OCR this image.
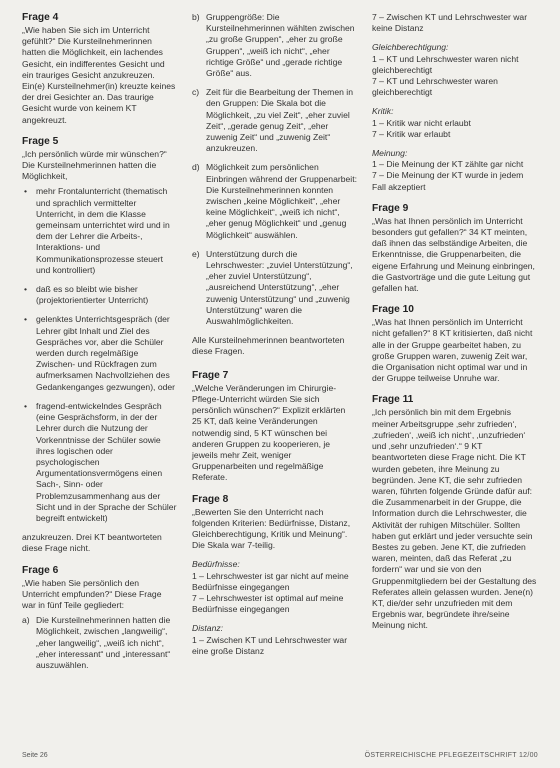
Frage 4

„Wie haben Sie sich im Unterricht gefühlt?“ Die Kursteilnehmerinnen hatten die Möglichkeit, ein lachendes Gesicht, ein indifferentes Gesicht und ein trauriges Gesicht anzukreuzen. Ein(e) Kursteilnehmer(in) kreuzte keines der drei Gesichter an. Das traurige Gesicht wurde von keinem KT angekreuzt.

Frage 5

„Ich persönlich würde mir wünschen?“ Die Kursteilnehmerinnen hatten die Möglichkeit,

• mehr Frontalunterricht (thematisch und sprachlich vermittelter Unterricht, in dem die Klasse gemeinsam unterrichtet wird und in dem der Lehrer die Arbeits-, Interaktions- und Kommunikationsprozesse steuert und kontrolliert)
• daß es so bleibt wie bisher (projektorientierter Unterricht)
• gelenktes Unterrichtsgespräch (der Lehrer gibt Inhalt und Ziel des Gespräches vor, aber die Schüler werden durch regelmäßige Zwischen- und Rückfragen zum aufmerksamen Nachvollziehen des Gedankenganges gezwungen), oder
• fragend-entwickelndes Gespräch (eine Gesprächsform, in der der Lehrer durch die Nutzung der Vorkenntnisse der Schüler sowie ihres logischen oder psychologischen Argumentationsvermögens einen Sach-, Sinn- oder Problemzusammenhang aus der Sicht und in der Sprache der Schüler begreift entwickelt)

anzukreuzen. Drei KT beantworteten diese Frage nicht.

Frage 6

„Wie haben Sie persönlich den Unterricht empfunden?“ Diese Frage war in fünf Teile gegliedert:

a) Die Kursteilnehmerinnen hatten die Möglichkeit, zwischen „langweilig“, „eher langweilig“, „weiß ich nicht“, „eher interessant“ und „interessant“ auszuwählen.
b) Gruppengröße: Die Kursteilnehmerinnen wählten zwischen „zu große Gruppen“, „eher zu große Gruppen“, „weiß ich nicht“, „eher richtige Größe“ und „gerade richtige Größe“ aus.
c) Zeit für die Bearbeitung der Themen in den Gruppen: Die Skala bot die Möglichkeit, „zu viel Zeit“, „eher zuviel Zeit“, „gerade genug Zeit“, „eher zuwenig Zeit“ und „zuwenig Zeit“ anzukreuzen.
d) Möglichkeit zum persönlichen Einbringen während der Gruppenarbeit: Die Kursteilnehmerinnen konnten zwischen „keine Möglichkeit“, „eher keine Möglichkeit“, „weiß ich nicht“, „eher genug Möglichkeit“ und „genug Möglichkeit“ auswählen.
e) Unterstützung durch die Lehrschwester: „zuviel Unterstützung“, „eher zuviel Unterstützung“, „ausreichend Unterstützung“, „eher zuwenig Unterstützung“ und „zuwenig Unterstützung“ waren die Auswahlmöglichkeiten.

Alle Kursteilnehmerinnen beantworteten diese Fragen.

Frage 7

„Welche Veränderungen im Chirurgie-Pflege-Unterricht würden Sie sich persönlich wünschen?“ Explizit erklärten 25 KT, daß keine Veränderungen notwendig sind, 5 KT wünschen bei anderen Gruppen zu kooperieren, je jeweils mehr Zeit, weniger Gruppenarbeiten und regelmäßige Referate.

Frage 8

„Bewerten Sie den Unterricht nach folgenden Kriterien: Bedürfnisse, Distanz, Gleichberechtigung, Kritik und Meinung“. Die Skala war 7-teilig.

Bedürfnisse:
1 – Lehrschwester ist gar nicht auf meine Bedürfnisse eingegangen
7 – Lehrschwester ist optimal auf meine Bedürfnisse eingegangen
Distanz:
1 – Zwischen KT und Lehrschwester war eine große Distanz
7 – Zwischen KT und Lehrschwester war keine Distanz
Gleichberechtigung:
1 – KT und Lehrschwester waren nicht gleichberechtigt
7 – KT und Lehrschwester waren gleichberechtigt
Kritik:
1 – Kritik war nicht erlaubt
7 – Kritik war erlaubt
Meinung:
1 – Die Meinung der KT zählte gar nicht
7 – Die Meinung der KT wurde in jedem Fall akzeptiert
Frage 9

„Was hat Ihnen persönlich im Unterricht besonders gut gefallen?“ 34 KT meinten, daß ihnen das selbständige Arbeiten, die Erkenntnisse, die Gruppenarbeiten, die eigene Erfahrung und Meinung einbringen, die Gastvorträge und die gute Leitung gut gefallen hat.

Frage 10

„Was hat Ihnen persönlich im Unterricht nicht gefallen?“ 8 KT kritisierten, daß nicht alle in der Gruppe gearbeitet haben, zu große Gruppen waren, zuwenig Zeit war, die Organisation nicht optimal war und in der Gruppe teilweise Unruhe war.

Frage 11

„Ich persönlich bin mit dem Ergebnis meiner Arbeitsgruppe ‚sehr zufrieden‘, ‚zufrieden‘, ‚weiß ich nicht‘, ‚unzufrieden‘ und ‚sehr unzufrieden‘.“ 9 KT beantworteten diese Frage nicht. Die KT wurden gebeten, ihre Meinung zu begründen. Jene KT, die sehr zufrieden waren, führten folgende Gründe dafür auf: die Zusammenarbeit in der Gruppe, die Information durch die Lehrschwester, die Aktivität der ruhigen Mitschüler. Sollten haben gut erklärt und jeder versuchte sein Bestes zu geben. Jene KT, die zufrieden waren, meinten, daß das Referat „zu fordern“ war und sie von den Gruppenmitgliedern bei der Gestaltung des Referates allein gelassen wurden. Jene(n) KT, die/der sehr unzufrieden mit dem Ergebnis war, begründete ihre/seine Meinung nicht.

Seite 26	ÖSTERREICHISCHE PFLEGEZEITSCHRIFT 12/00
